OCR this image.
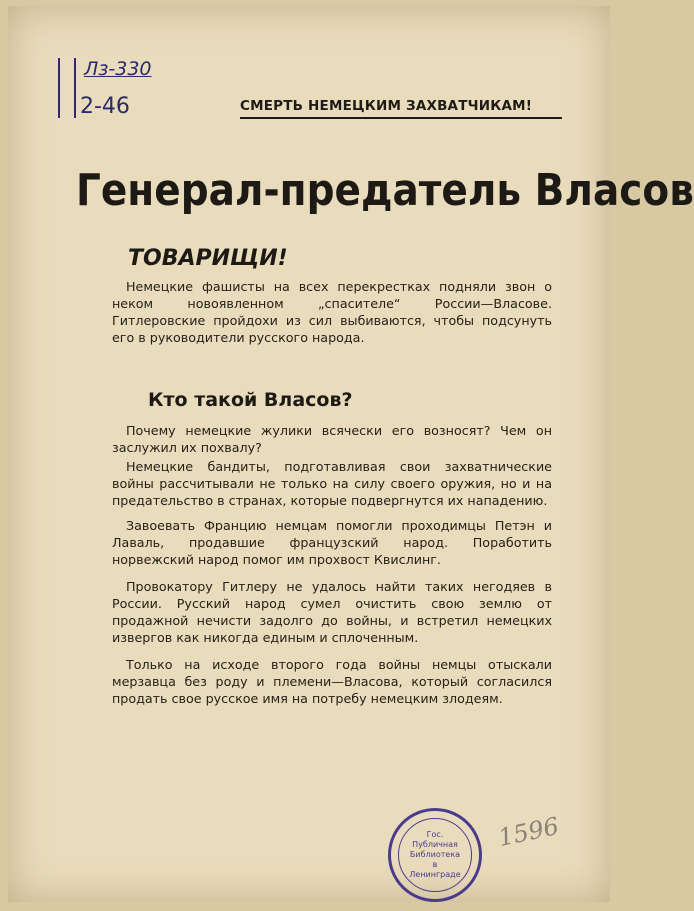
Лз-330
2-46	СМЕРТЬ НЕМЕЦКИМ ЗАХВАТЧИКАМ!
Генерал-предатель Власов
ТОВАРИЩИ!

Немецкие фашисты на всех перекрестках подняли звон о неком новоявленном „спасителе“ России—Власове. Гитлеровские пройдохи из сил выбиваются, чтобы подсунуть его в руководители русского народа.

Кто такой Власов?

Почему немецкие жулики всячески его возносят? Чем он заслужил их похвалу?

Немецкие бандиты, подготавливая свои захватнические войны рассчитывали не только на силу своего оружия, но и на предательство в странах, которые подвергнутся их нападению.

Завоевать Францию немцам помогли проходимцы Петэн и Лаваль, продавшие французский народ. Поработить норвежский народ помог им прохвост Квислинг.

Провокатору Гитлеру не удалось найти таких негодяев в России. Русский народ сумел очистить свою землю от продажной нечисти задолго до войны, и встретил немецких извергов как никогда единым и сплоченным.

Только на исходе второго года войны немцы отыскали мерзавца без роду и племени—Власова, который согласился продать свое русское имя на потребу немецким злодеям.

1596
Гос.
Публичная
Библиотека
в
Ленинграде
